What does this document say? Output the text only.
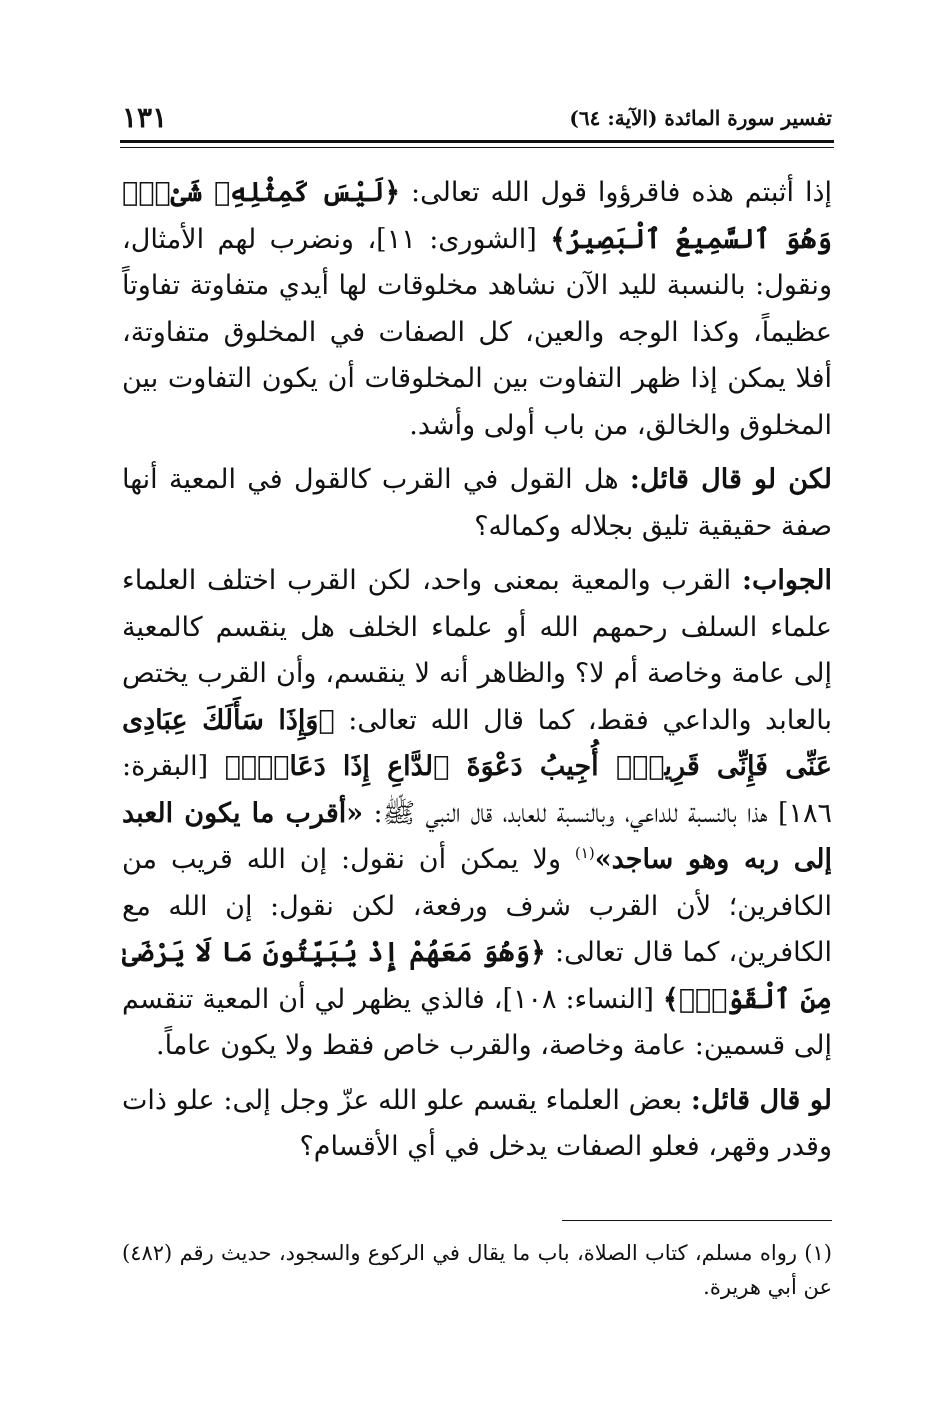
تفسير سورة المائدة (الآية: ٦٤)
١٣١

إذا أثبتم هذه فاقرؤوا قول الله تعالى: ﴿لَيْسَ كَمِثْلِهِۦ شَىْءٌۖ وَهُوَ ٱلسَّمِيعُ ٱلْبَصِيرُ﴾ [الشورى: ١١]، ونضرب لهم الأمثال، ونقول: بالنسبة لليد الآن نشاهد مخلوقات لها أيدي متفاوتة تفاوتاً عظيماً، وكذا الوجه والعين، كل الصفات في المخلوق متفاوتة، أفلا يمكن إذا ظهر التفاوت بين المخلوقات أن يكون التفاوت بين المخلوق والخالق، من باب أولى وأشد.

لكن لو قال قائل: هل القول في القرب كالقول في المعية أنها صفة حقيقية تليق بجلاله وكماله؟

الجواب: القرب والمعية بمعنى واحد، لكن القرب اختلف العلماء علماء السلف رحمهم الله أو علماء الخلف هل ينقسم كالمعية إلى عامة وخاصة أم لا؟ والظاهر أنه لا ينقسم، وأن القرب يختص بالعابد والداعي فقط، كما قال الله تعالى: ﴿وَإِذَا سَأَلَكَ عِبَادِى عَنِّى فَإِنِّى قَرِيبٌۖ أُجِيبُ دَعْوَةَ ٱلدَّاعِ إِذَا دَعَانِۖ﴾ [البقرة: ١٨٦] هذا بالنسبة للداعي، وبالنسبة للعابد، قال النبي ﷺ: «أقرب ما يكون العبد إلى ربه وهو ساجد»$^{(١)}$ ولا يمكن أن نقول: إن الله قريب من الكافرين؛ لأن القرب شرف ورفعة، لكن نقول: إن الله مع الكافرين، كما قال تعالى: ﴿وَهُوَ مَعَهُمْ إِذْ يُبَيِّتُونَ مَا لَا يَرْضَىٰ مِنَ ٱلْقَوْلِۚ﴾ [النساء: ١٠٨]، فالذي يظهر لي أن المعية تنقسم إلى قسمين: عامة وخاصة، والقرب خاص فقط ولا يكون عاماً.

لو قال قائل: بعض العلماء يقسم علو الله عزّ وجل إلى: علو ذات وقدر وقهر، فعلو الصفات يدخل في أي الأقسام؟

(١) رواه مسلم، كتاب الصلاة، باب ما يقال في الركوع والسجود، حديث رقم (٤٨٢) عن أبي هريرة.
